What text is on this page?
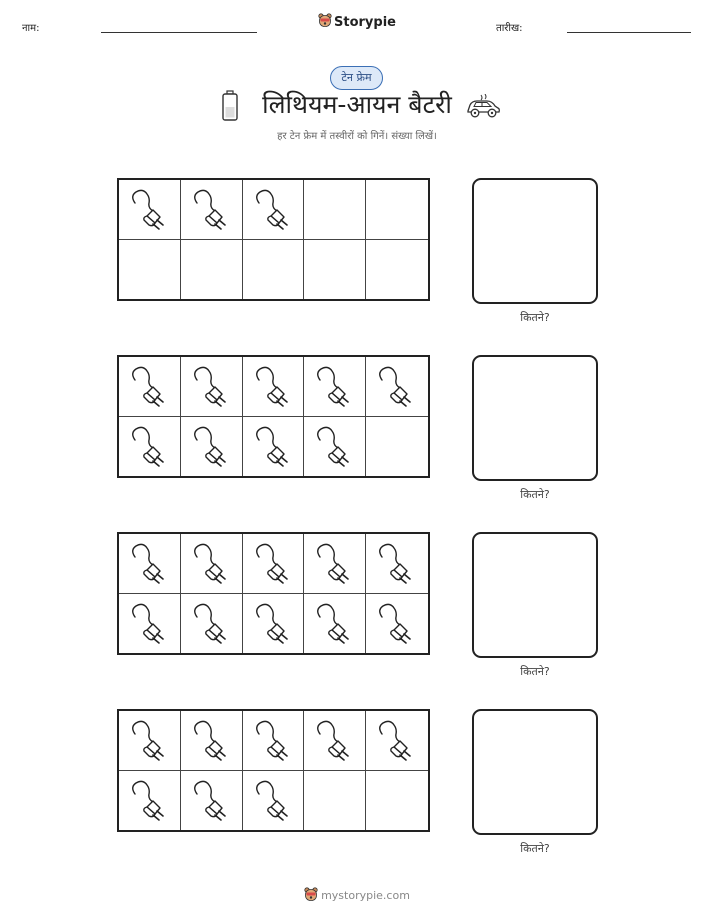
नाम:	Storypie	तारीख:
टेन फ्रेम
लिथियम-आयन बैटरी
हर टेन फ्रेम में तस्वीरों को गिनें। संख्या लिखें।
कितने?
कितने?
कितने?
कितने?
mystorypie.com
